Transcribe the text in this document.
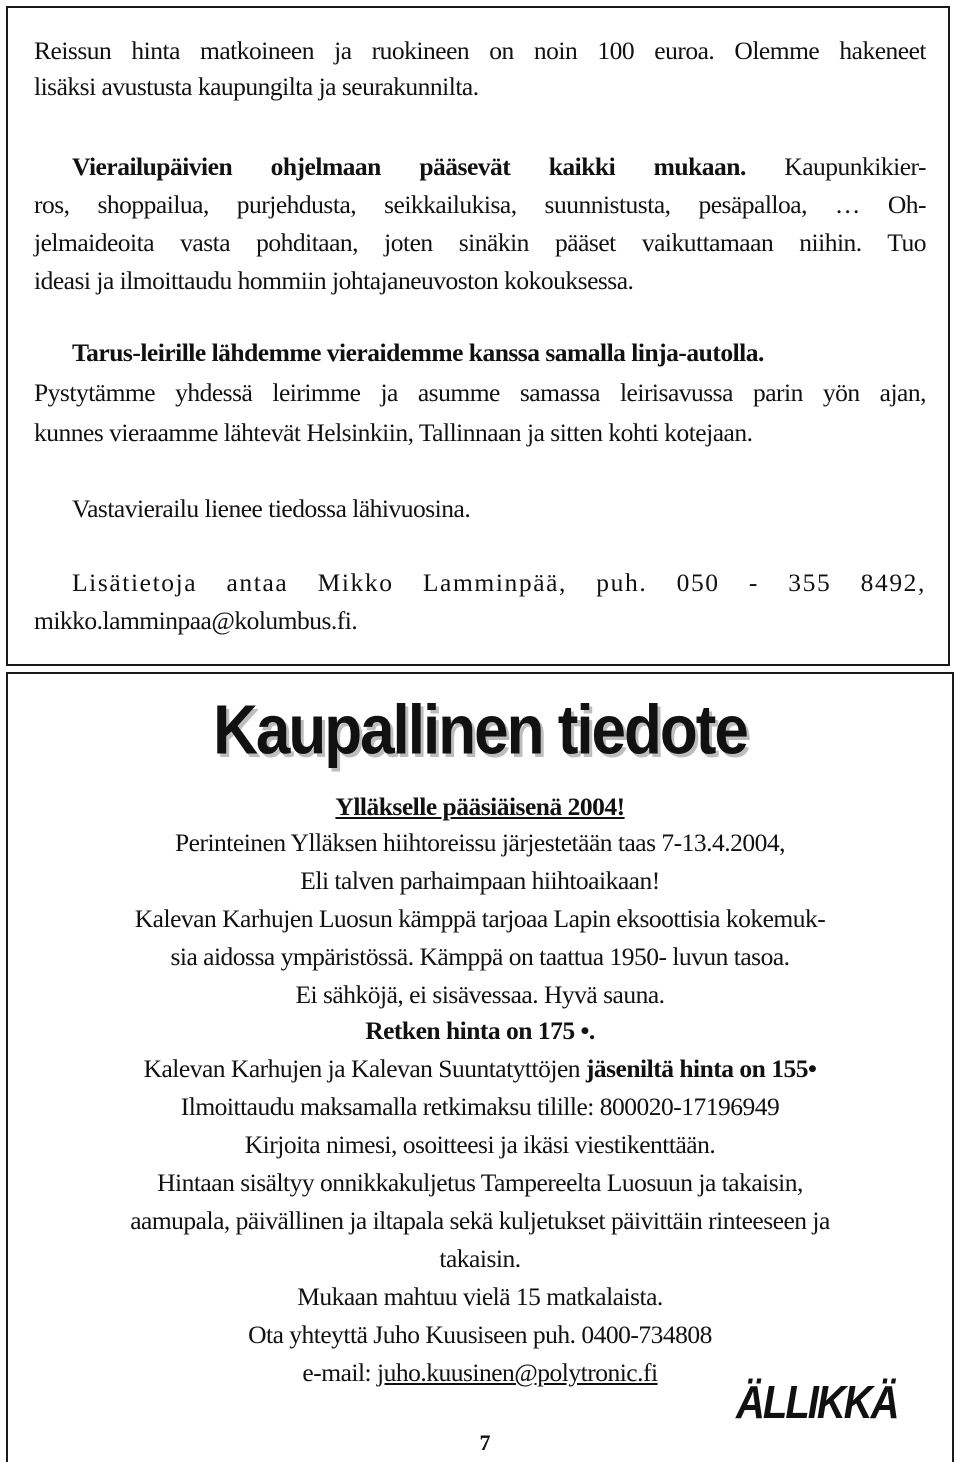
Reissun hinta matkoineen ja ruokineen on noin 100 euroa. Olemme hakeneet
lisäksi avustusta kaupungilta ja seurakunnilta.
Vierailupäivien ohjelmaan pääsevät kaikki mukaan. Kaupunkikier-
ros, shoppailua, purjehdusta, seikkailukisa, suunnistusta, pesäpalloa, … Oh-
jelmaideoita vasta pohditaan, joten sinäkin pääset vaikuttamaan niihin. Tuo
ideasi ja ilmoittaudu hommiin johtajaneuvoston kokouksessa.
Tarus-leirille lähdemme vieraidemme kanssa samalla linja-autolla.
Pystytämme yhdessä leirimme ja asumme samassa leirisavussa parin yön ajan,
kunnes vieraamme lähtevät Helsinkiin, Tallinnaan ja sitten kohti kotejaan.
Vastavierailu lienee tiedossa lähivuosina.
Lisätietoja antaa Mikko Lamminpää, puh. 050 - 355 8492,
mikko.lamminpaa@kolumbus.fi.
Kaupallinen tiedote
Ylläkselle pääsiäisenä 2004!
Perinteinen Ylläksen hiihtoreissu järjestetään taas 7-13.4.2004,
Eli talven parhaimpaan hiihtoaikaan!
Kalevan Karhujen Luosun kämppä tarjoaa Lapin eksoottisia kokemuk-
sia aidossa ympäristössä. Kämppä on taattua 1950- luvun tasoa.
Ei sähköjä, ei sisävessaa. Hyvä sauna.
Retken hinta on 175 •.
Kalevan Karhujen ja Kalevan Suuntatyttöjen jäseniltä hinta on 155•
Ilmoittaudu maksamalla retkimaksu tilille: 800020-17196949
Kirjoita nimesi, osoitteesi ja ikäsi viestikenttään.
Hintaan sisältyy onnikkakuljetus Tampereelta Luosuun ja takaisin,
aamupala, päivällinen ja iltapala sekä kuljetukset päivittäin rinteeseen ja
takaisin.
Mukaan mahtuu vielä 15 matkalaista.
Ota yhteyttä Juho Kuusiseen puh. 0400-734808
e-mail: juho.kuusinen@polytronic.fi
ÄLLIKKÄ
7
